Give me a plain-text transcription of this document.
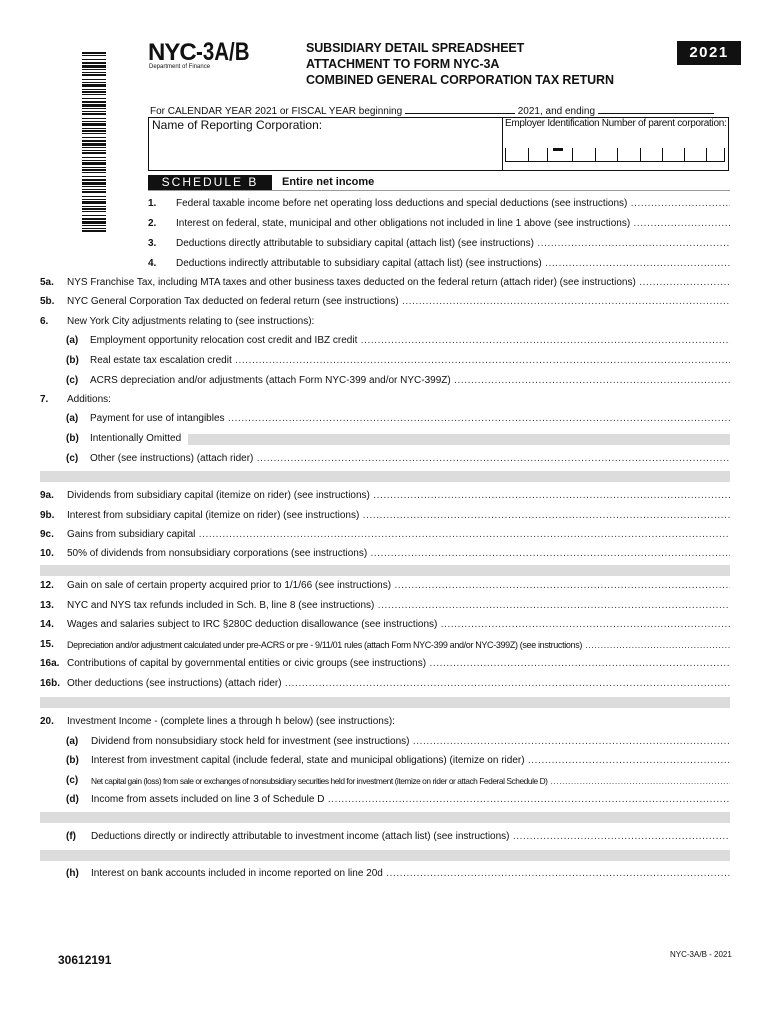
NYC-3A/B
Department of Finance
SUBSIDIARY DETAIL SPREADSHEET
ATTACHMENT TO FORM NYC-3A
COMBINED GENERAL CORPORATION TAX RETURN
2021
For CALENDAR YEAR 2021 or FISCAL YEAR beginning	2021, and ending
Name of Reporting Corporation:	Employer Identification Number of parent corporation:
SCHEDULE B	Entire net income
1. Federal taxable income before net operating loss deductions and special deductions (see instructions) .....
2. Interest on federal, state, municipal and other obligations not included in line 1 above (see instructions) .....
3. Deductions directly attributable to subsidiary capital (attach list) (see instructions) .....
4. Deductions indirectly attributable to subsidiary capital (attach list) (see instructions) .....
5a. NYS Franchise Tax, including MTA taxes and other business taxes deducted on the federal return (attach rider) (see instructions) .....
5b. NYC General Corporation Tax deducted on federal return (see instructions) .....
6. New York City adjustments relating to (see instructions):
(a) Employment opportunity relocation cost credit and IBZ credit .....
(b) Real estate tax escalation credit .....
(c) ACRS depreciation and/or adjustments (attach Form NYC-399 and/or NYC-399Z) .....
7. Additions:
(a) Payment for use of intangibles .....
(b) Intentionally Omitted
(c) Other (see instructions) (attach rider) .....
9a. Dividends from subsidiary capital (itemize on rider) (see instructions) .....
9b. Interest from subsidiary capital (itemize on rider) (see instructions) .....
9c. Gains from subsidiary capital .....
10. 50% of dividends from nonsubsidiary corporations (see instructions) .....
12. Gain on sale of certain property acquired prior to 1/1/66 (see instructions) .....
13. NYC and NYS tax refunds included in Sch. B, line 8 (see instructions) .....
14. Wages and salaries subject to IRC §280C deduction disallowance (see instructions) .....
15. Depreciation and/or adjustment calculated under pre-ACRS or pre - 9/11/01 rules (attach Form NYC-399 and/or NYC-399Z) (see instructions) .....
16a. Contributions of capital by governmental entities or civic groups (see instructions) .....
16b. Other deductions (see instructions) (attach rider) .....
20. Investment Income - (complete lines a through h below) (see instructions):
(a) Dividend from nonsubsidiary stock held for investment (see instructions) .....
(b) Interest from investment capital (include federal, state and municipal obligations) (itemize on rider) .....
(c) Net capital gain (loss) from sale or exchanges of nonsubsidiary securities held for investment (itemize on rider or attach Federal Schedule D) .....
(d) Income from assets included on line 3 of Schedule D .....
(f) Deductions directly or indirectly attributable to investment income (attach list) (see instructions) .....
(h) Interest on bank accounts included in income reported on line 20d .....
30612191	NYC-3A/B - 2021
